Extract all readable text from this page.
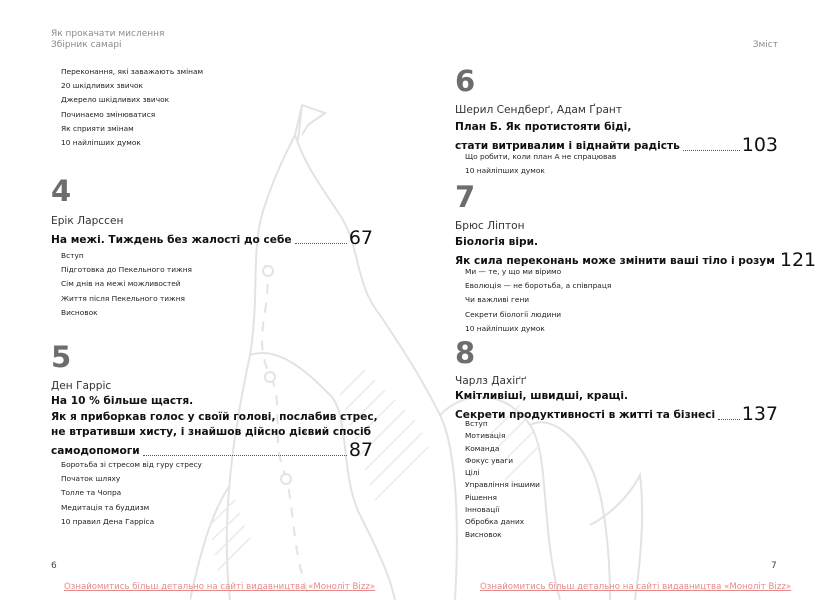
Як прокачати мислення
Збірник самарі
Переконання, які заважають змінам
20 шкідливих звичок
Джерело шкідливих звичок
Починаємо змінюватися
Як сприяти змінам
10 найліпших думок
4
Ерік Ларссен
На межі. Тиждень без жалості до себе	67
Вступ
Підготовка до Пекельного тижня
Сім днів на межі можливостей
Життя після Пекельного тижня
Висновок
5
Ден Гарріс
На 10 % більше щастя.
Як я приборкав голос у своїй голові, послабив стрес,
не втративши хисту, і знайшов дійсно дієвий спосіб
самодопомоги	87
Боротьба зі стресом від гуру стресу
Початок шляху
Толле та Чопра
Медитація та буддизм
10 правил Дена Гарріса
6
Ознайомитись більш детально на сайті видавництва «Моноліт Bizz»
Зміст
6
Шерил Сендберґ, Адам Ґрант
План Б. Як протистояти біді,
стати витривалим і віднайти радість	103
Що робити, коли план А не спрацював
10 найліпших думок
7
Брюс Ліптон
Біологія віри.
Як сила переконань може змінити ваші тіло і розум 121
Ми — те, у що ми віримо
Еволюція — не боротьба, а співпраця
Чи важливі гени
Секрети біології людини
10 найліпших думок
8
Чарлз Дахіґґ
Кмітливіші, швидші, кращі.
Секрети продуктивності в житті та бізнесі 137
Вступ
Мотивація
Команда
Фокус уваги
Цілі
Управління іншими
Рішення
Інновації
Обробка даних
Висновок
7
Ознайомитись більш детально на сайті видавництва «Моноліт Bizz»
